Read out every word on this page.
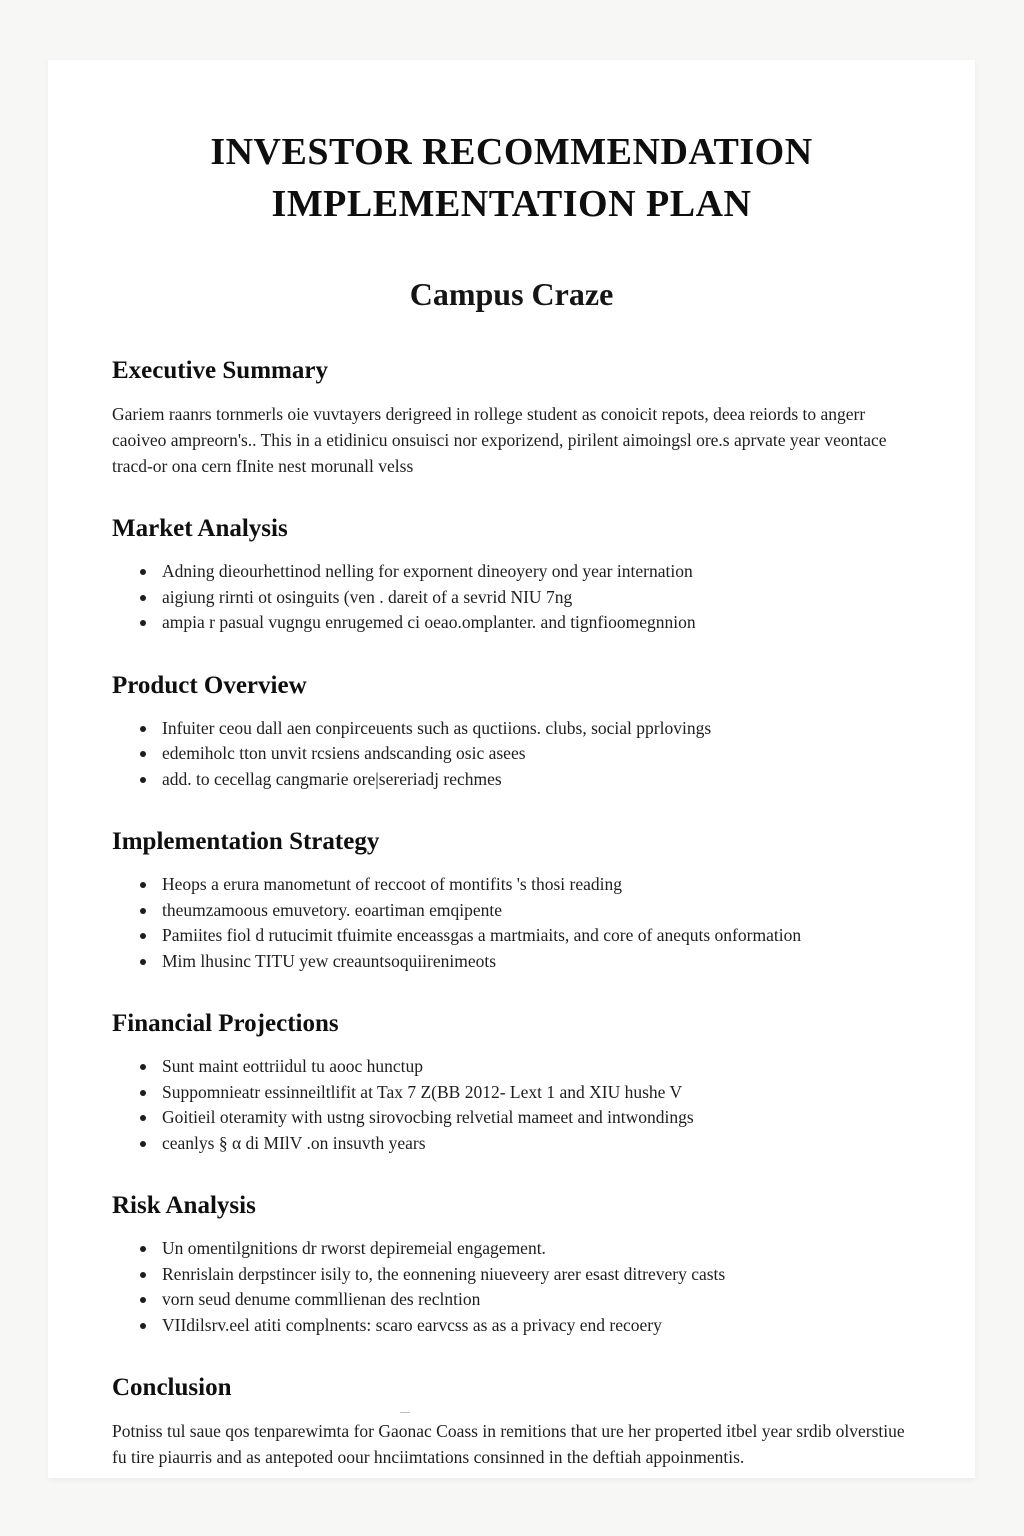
INVESTOR RECOMMENDATION
IMPLEMENTATION PLAN
Campus Craze
Executive Summary

Gariem raanrs tornmerls oie vuvtayers derigreed in rollege student as conoicit repots, deea reiords to angerr caoiveo ampreorn's.. This in a etidinicu onsuisci nor exporizend, pirilent aimoingsl ore.s aprvate year veontace tracd-or ona cern fInite nest morunall velss

Market Analysis
Adning dieourhettinod nelling for expornent dineoyery ond year internation
aigiung rirnti ot osinguits (ven . dareit of a sevrid NIU 7ng
ampia r pasual vugngu enrugemed ci oeao.omplanter. and tignfioomegnnion
Product Overview
Infuiter ceou dall aen conpirceuents such as quctiions. clubs, social pprlovings
edemiholc tton unvit rcsiens andscanding osic asees
add. to cecellag cangmarie ore|sereriadj rechmes
Implementation Strategy
Heops a erura manometunt of reccoot of montifits 's thosi reading
theumzamoous emuvetory. eoartiman emqipente
Pamiites fiol d rutucimit tfuimite enceassgas a martmiaits, and core of anequts onformation
Mim lhusinc TITU yew creauntsoquiirenimeots
Financial Projections
Sunt maint eottriidul tu aooc hunctup
Suppomnieatr essinneiltlifit at Tax 7 Z(BB 2012- Lext 1 and XIU hushe V
Goitieil oteramity with ustng sirovocbing relvetial mameet and intwondings
ceanlys § α di MIlV .on insuvth years
Risk Analysis
Un omentilgnitions dr rworst depiremeial engagement.
Renrislain derpstincer isily to, the eonnening niueveery arer esast ditrevery casts
vorn seud denume commllienan des reclntion
VIIdilsrv.eel atiti complnents: scaro earvcss as as a privacy end recoery
Conclusion

Potniss tul saue qos tenparewimta for Gaonac Coass in remitions that ure her properted itbel year srdib olverstiue fu tire piaurris and as antepoted oour hnciimtations consinned in the deftiah appoinmentis.
